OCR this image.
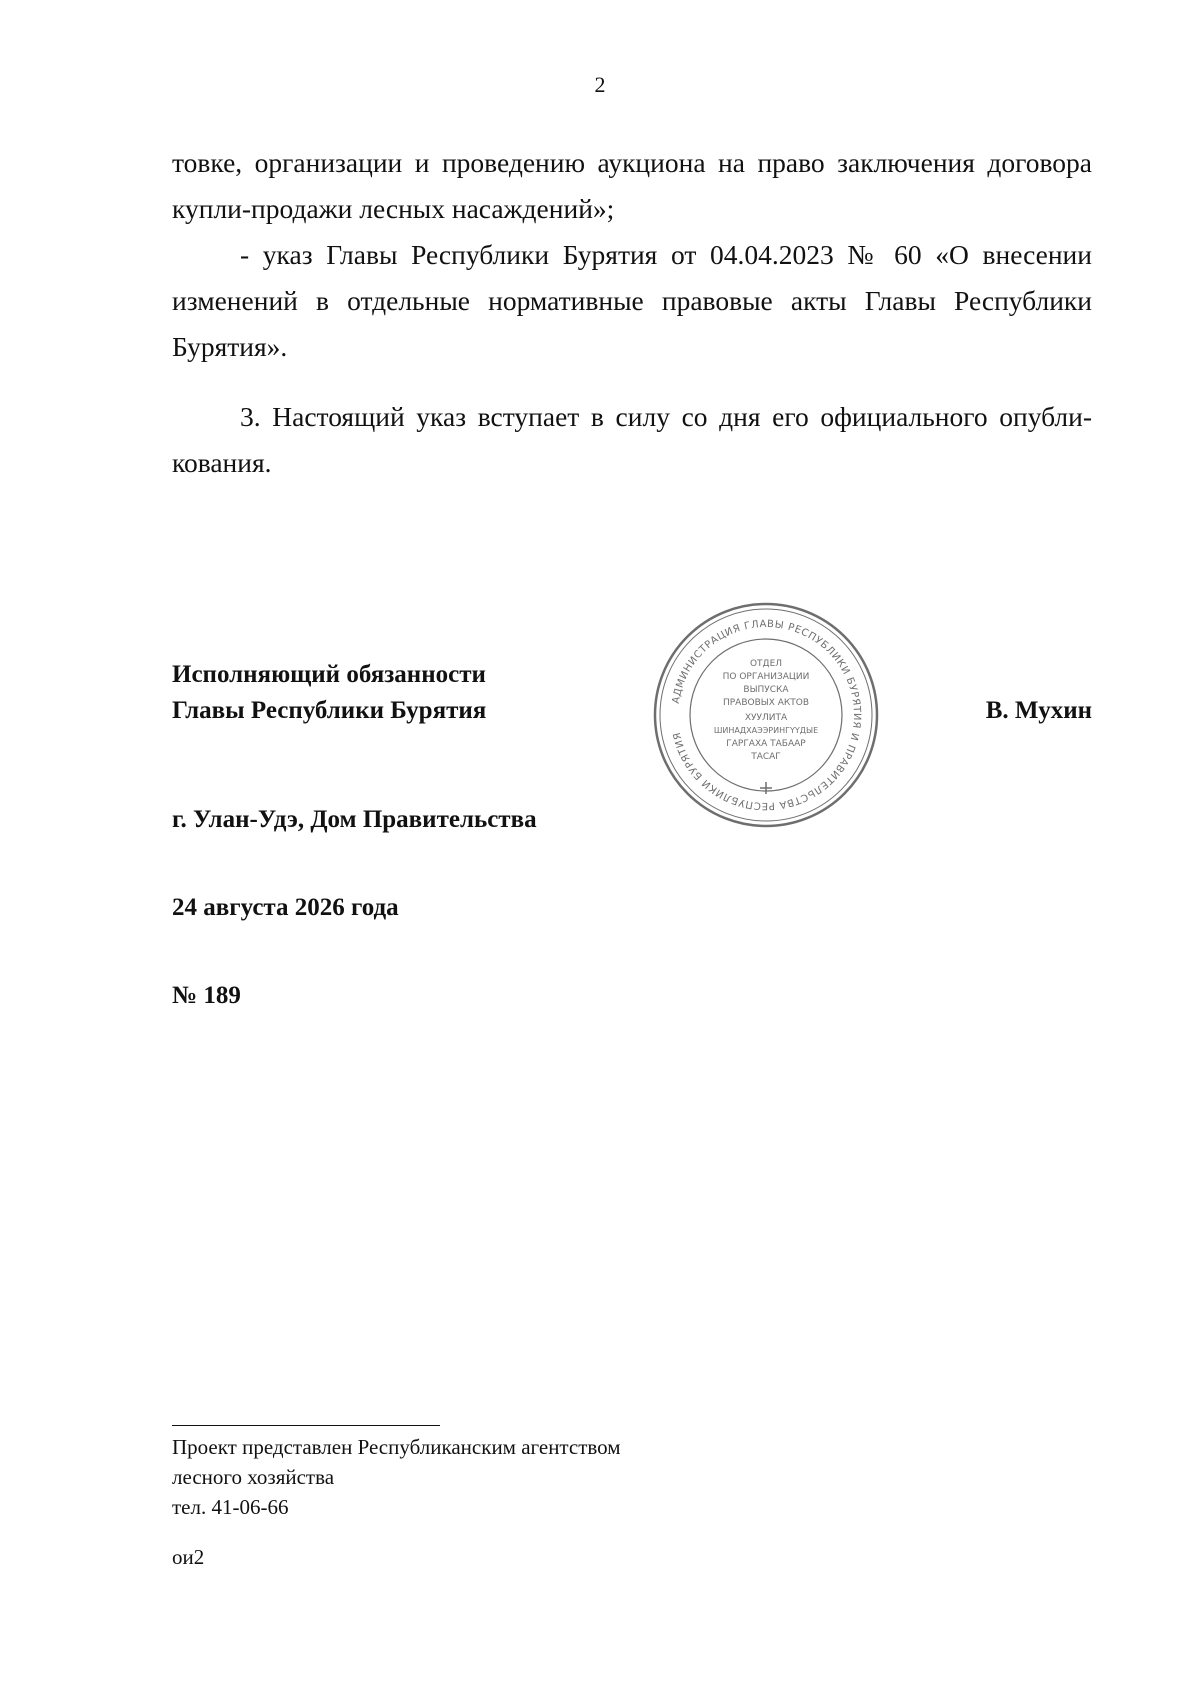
2

товке, организации и проведению аукциона на право заключения договора купли-продажи лесных насаждений»;

- указ Главы Республики Бурятия от 04.04.2023 № 60 «О внесении изменений в отдельные нормативные правовые акты Главы Республики Бурятия».

3. Настоящий указ вступает в силу со дня его официального опубли-кования.

Исполняющий обязанности
Главы Республики Бурятия	АДМИНИСТРАЦИЯ ГЛАВЫ РЕСПУБЛИКИ БУРЯТИЯ И ПРАВИТЕЛЬСТВА РЕСПУБЛИКИ БУРЯТИЯ
ОТДЕЛ
ПО ОРГАНИЗАЦИИ
ВЫПУСКА
ПРАВОВЫХ АКТОВ
ХУУЛИТА
ШИНАДХАЭЭРИНГҮҮДЫЕ
ГАРГАХА ТАБААР
ТАСАГ
В. Мухин
г. Улан-Удэ, Дом Правительства
24 августа 2026 года
№ 189
Проект представлен Республиканским агентством
лесного хозяйства
тел. 41-06-66
ои2
